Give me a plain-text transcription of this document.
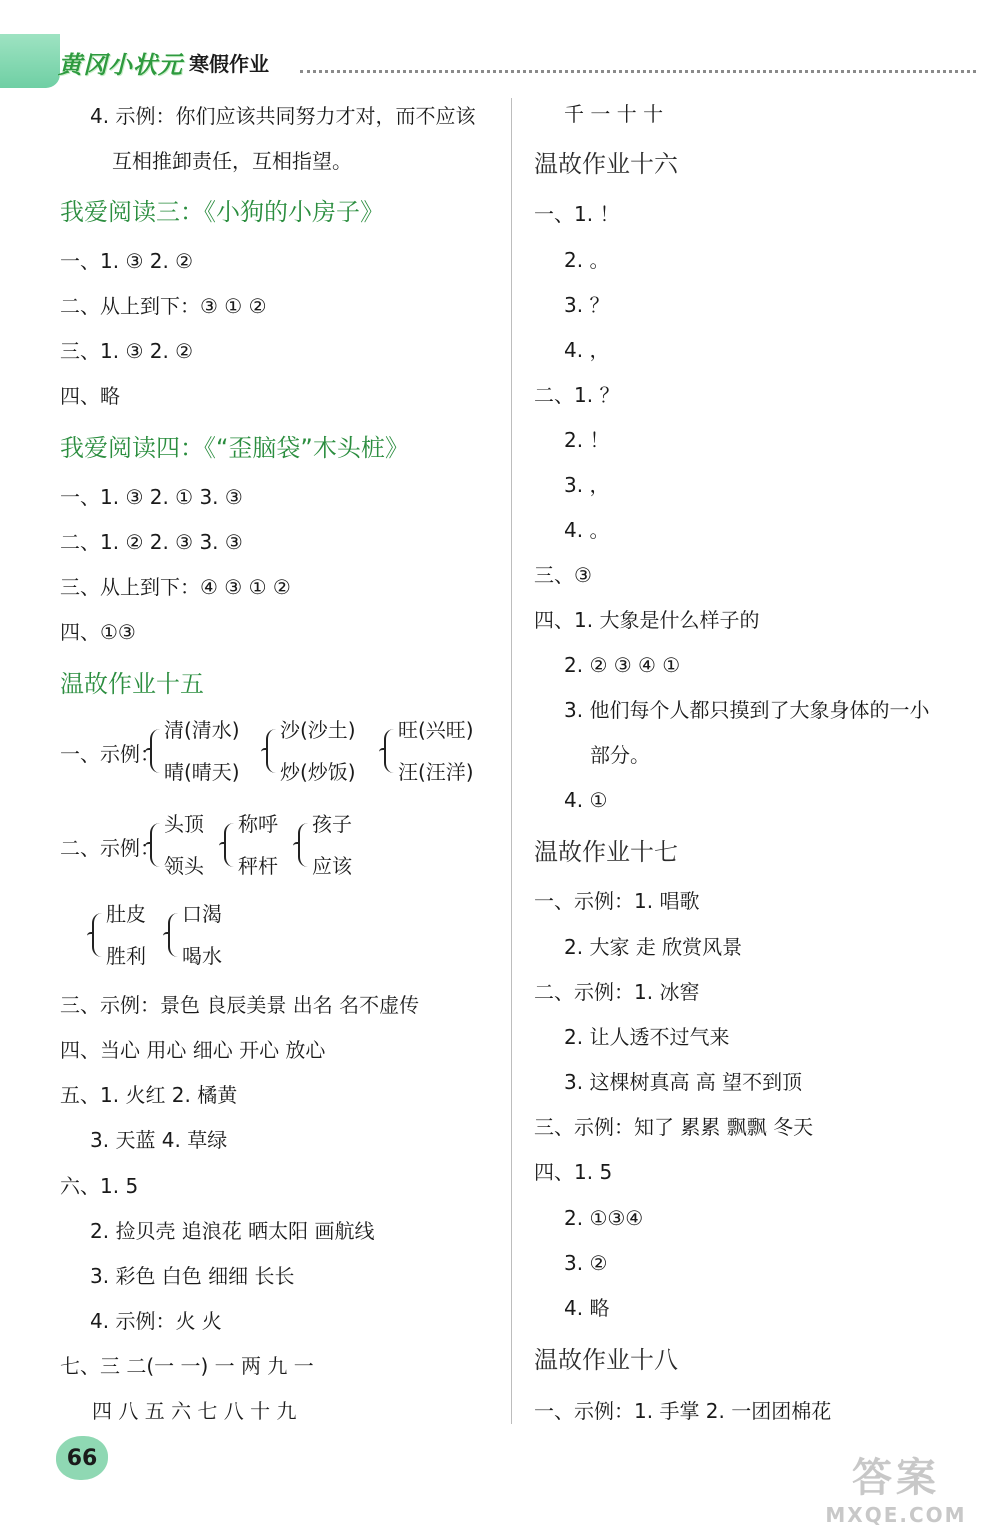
黄冈小状元 寒假作业
4. 示例：你们应该共同努力才对，而不应该
互相推卸责任，互相指望。
我爱阅读三：《小狗的小房子》
一、1. ③ 2. ②
二、从上到下：③ ① ②
三、1. ③ 2. ②
四、略
我爱阅读四：《“歪脑袋”木头桩》
一、1. ③ 2. ① 3. ③
二、1. ② 2. ③ 3. ③
三、从上到下：④ ③ ① ②
四、①③
温故作业十五
一、示例：
清(清水)
晴(晴天)
沙(沙土)
炒(炒饭)
旺(兴旺)
汪(汪洋)
二、示例：
头顶
领头
称呼
秤杆
孩子
应该
肚皮
胜利
口渴
喝水
三、示例：景色 良辰美景 出名 名不虚传
四、当心 用心 细心 开心 放心
五、1. 火红 2. 橘黄
3. 天蓝 4. 草绿
六、1. 5
2. 捡贝壳 追浪花 晒太阳 画航线
3. 彩色 白色 细细 长长
4. 示例：火 火
七、三 二(一 一) 一 两 九 一
四 八 五 六 七 八 十 九
千 一 十 十
温故作业十六
一、1. ！
2. 。
3. ？
4. ，
二、1. ？
2. ！
3. ，
4. 。
三、③
四、1. 大象是什么样子的
2. ② ③ ④ ①
3. 他们每个人都只摸到了大象身体的一小
部分。
4. ①
温故作业十七
一、示例：1. 唱歌
2. 大家 走 欣赏风景
二、示例：1. 冰窖
2. 让人透不过气来
3. 这棵树真高 高 望不到顶
三、示例：知了 累累 飘飘 冬天
四、1. 5
2. ①③④
3. ②
4. 略
温故作业十八
一、示例：1. 手掌 2. 一团团棉花
66	答案
MXQE.COM
